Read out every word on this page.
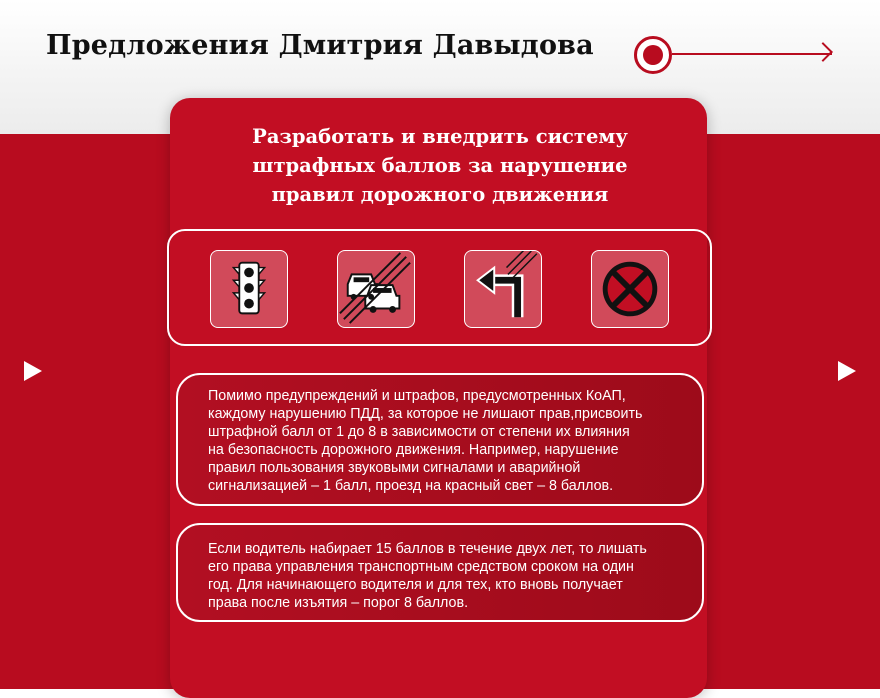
Предложения Дмитрия Давыдова
Разработать и внедрить систему
штрафных баллов за нарушение
правил дорожного движения

Помимо предупреждений и штрафов, предусмотренных КоАП,

каждому нарушению ПДД, за которое не лишают прав,присвоить

штрафной балл от 1 до 8 в зависимости от степени их влияния

на безопасность дорожного движения. Например, нарушение

правил пользования звуковыми сигналами и аварийной

сигнализацией – 1 балл, проезд на красный свет – 8 баллов.

Если водитель набирает 15 баллов в течение двух лет, то лишать

его права управления транспортным средством сроком на один

год. Для начинающего водителя и для тех, кто вновь получает

права после изъятия – порог 8 баллов.
